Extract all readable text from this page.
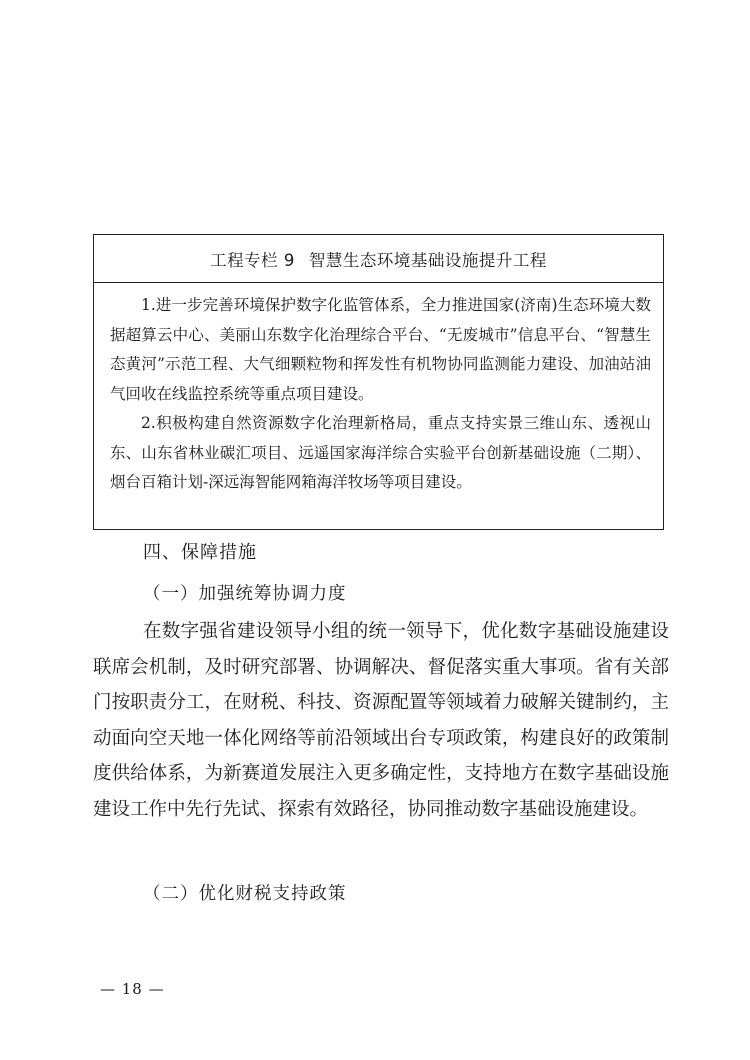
工程专栏 9 智慧生态环境基础设施提升工程

1.进一步完善环境保护数字化监管体系，全力推进国家(济南)生态环境大数据超算云中心、美丽山东数字化治理综合平台、“无废城市”信息平台、“智慧生态黄河”示范工程、大气细颗粒物和挥发性有机物协同监测能力建设、加油站油气回收在线监控系统等重点项目建设。

2.积极构建自然资源数字化治理新格局，重点支持实景三维山东、透视山东、山东省林业碳汇项目、远遥国家海洋综合实验平台创新基础设施（二期）、烟台百箱计划-深远海智能网箱海洋牧场等项目建设。

四、保障措施
（一）加强统筹协调力度

在数字强省建设领导小组的统一领导下，优化数字基础设施建设联席会机制，及时研究部署、协调解决、督促落实重大事项。省有关部门按职责分工，在财税、科技、资源配置等领域着力破解关键制约，主动面向空天地一体化网络等前沿领域出台专项政策，构建良好的政策制度供给体系，为新赛道发展注入更多确定性，支持地方在数字基础设施建设工作中先行先试、探索有效路径，协同推动数字基础设施建设。

（二）优化财税支持政策
— 18 —
